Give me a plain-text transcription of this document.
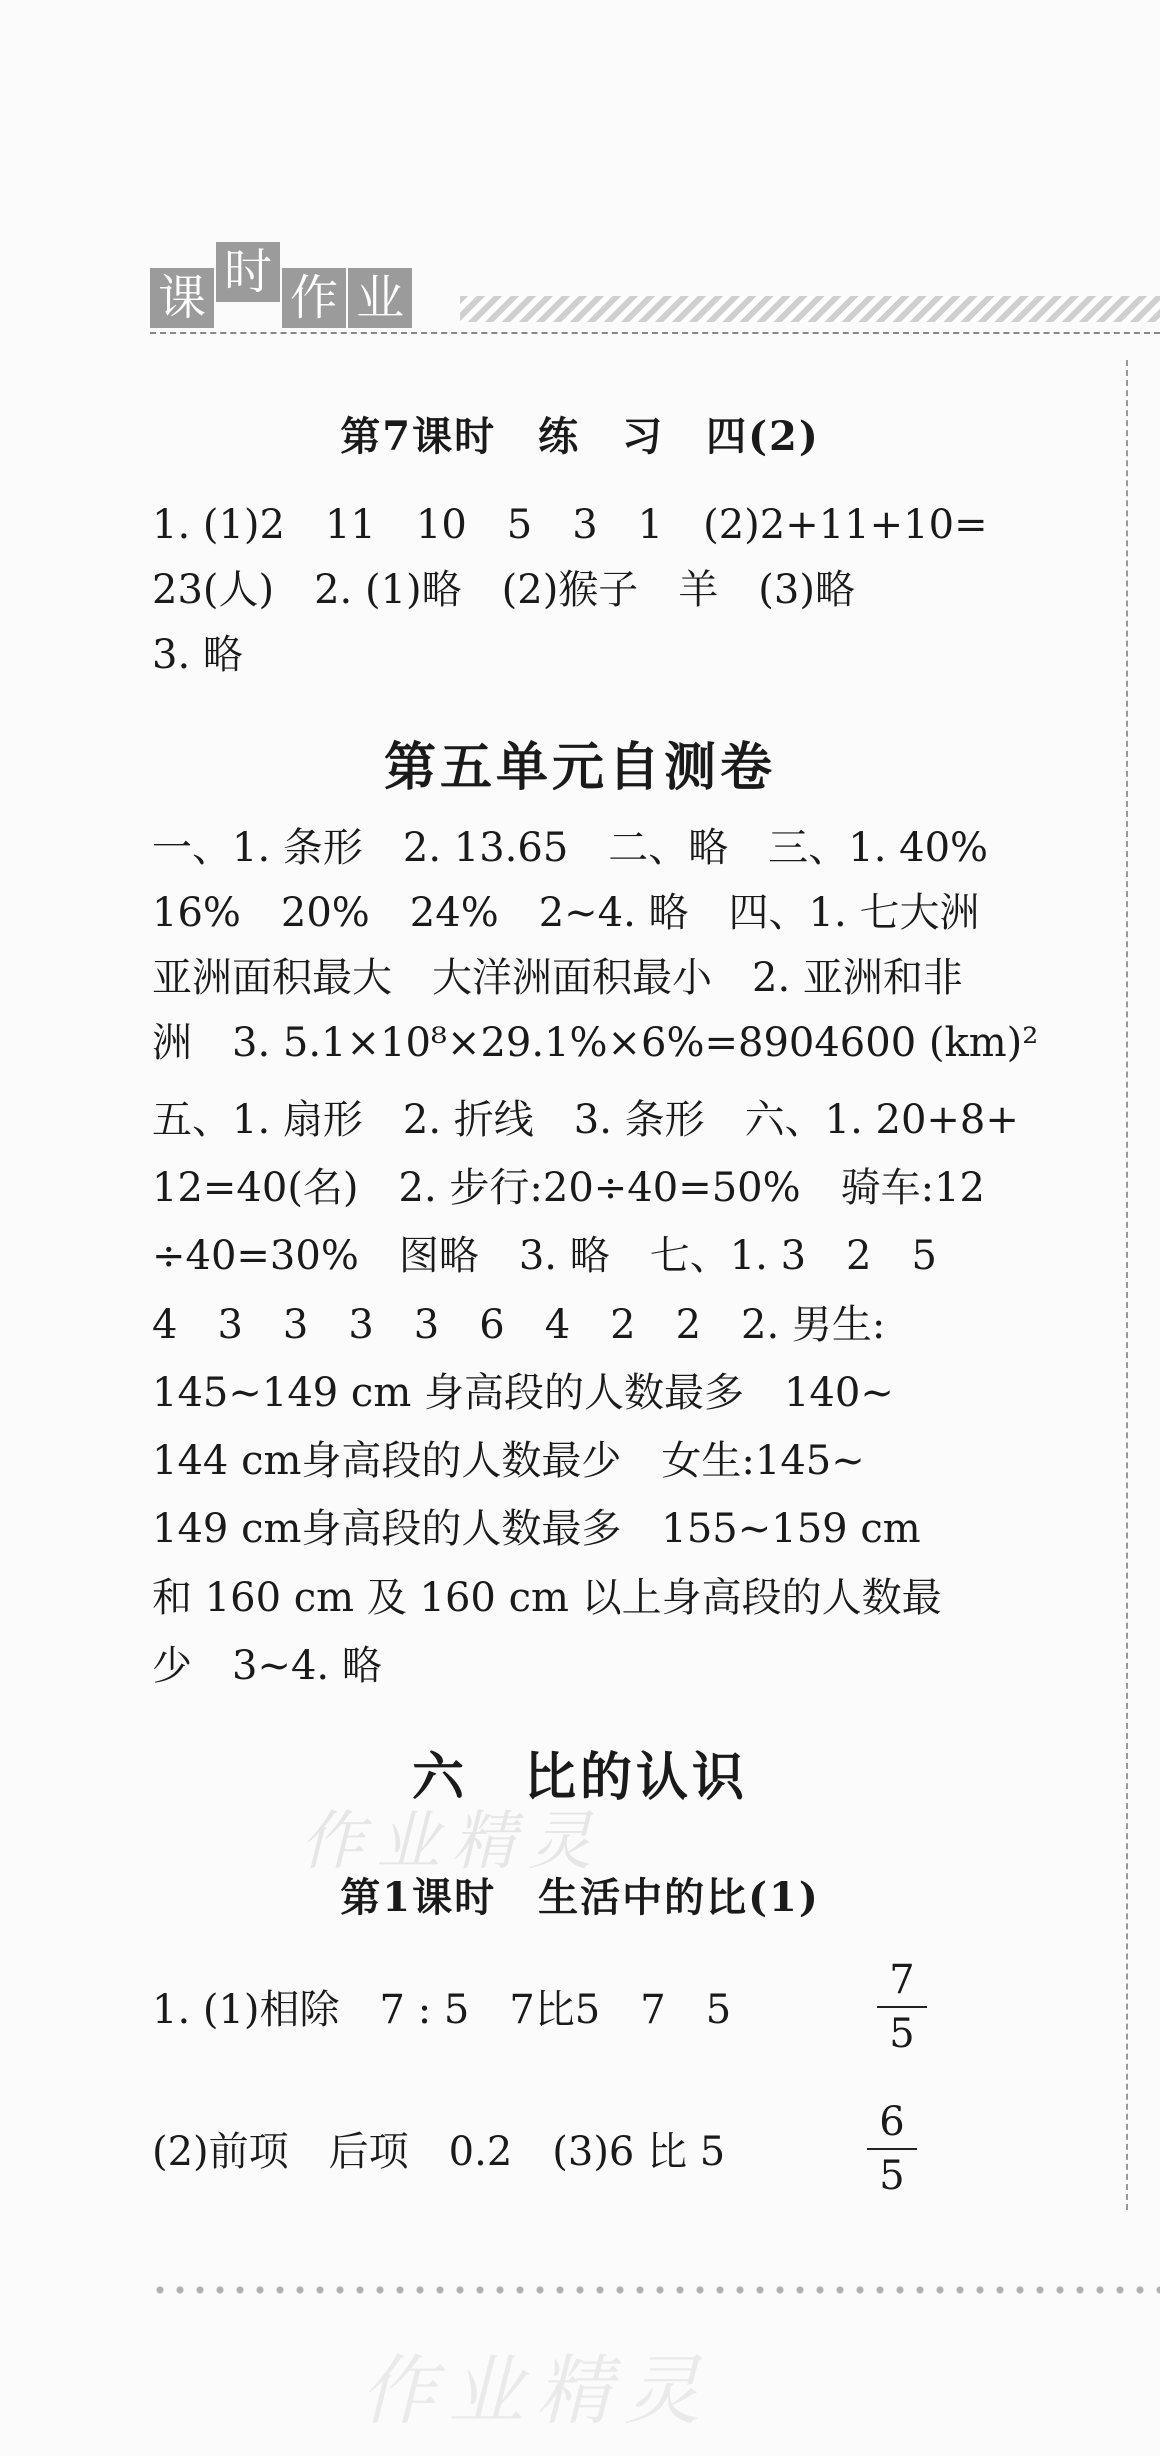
课 时 作 业
第7课时　练　习　四(2)
1. (1)2　11　10　5　3　1　(2)2+11+10=
23(人)　2. (1)略　(2)猴子　羊　(3)略
3. 略
第五单元自测卷
一、1. 条形　2. 13.65　二、略　三、1. 40%
16%　20%　24%　2~4. 略　四、1. 七大洲
亚洲面积最大　大洋洲面积最小　2. 亚洲和非
洲　3. 5.1×10⁸×29.1%×6%=8904600 (km)²
五、1. 扇形　2. 折线　3. 条形　六、1. 20+8+
12=40(名)　2. 步行:20÷40=50%　骑车:12
÷40=30%　图略　3. 略　七、1. 3　2　5
4　3　3　3　3　6　4　2　2　2. 男生:
145~149 cm 身高段的人数最多　140~
144 cm身高段的人数最少　女生:145~
149 cm身高段的人数最多　155~159 cm
和 160 cm 及 160 cm 以上身高段的人数最
少　3~4. 略
六　比的认识
作业精灵
第1课时　生活中的比(1)
1. (1)相除　7 : 5　7比5　7　5
7
5
(2)前项　后项　0.2　(3)6 比 5
6
5
作业精灵
